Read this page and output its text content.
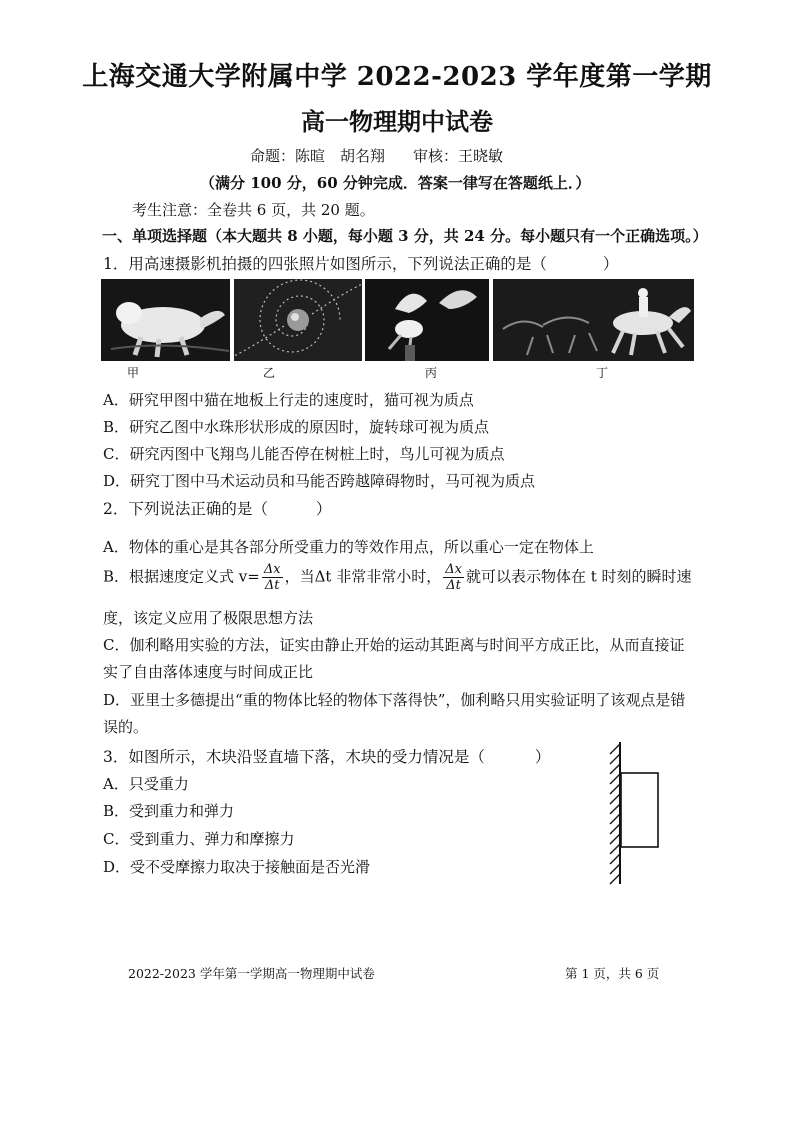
上海交通大学附属中学 2022-2023 学年度第一学期
高一物理期中试卷
命题：陈暄　胡名翔 审核：王晓敏
（满分 100 分，60 分钟完成．答案一律写在答题纸上．）
考生注意：全卷共 6 页，共 20 题。
一、单项选择题（本大题共 8 小题，每小题 3 分，共 24 分。每小题只有一个正确选项。）
1．用高速摄影机拍摄的四张照片如图所示，下列说法正确的是（	）
甲	乙	丙	丁
A．研究甲图中猫在地板上行走的速度时，猫可视为质点
B．研究乙图中水珠形状形成的原因时，旋转球可视为质点
C．研究丙图中飞翔鸟儿能否停在树桩上时，鸟儿可视为质点
D．研究丁图中马术运动员和马能否跨越障碍物时，马可视为质点
2．下列说法正确的是（	）
A．物体的重心是其各部分所受重力的等效作用点，所以重心一定在物体上
B．根据速度定义式 $v= \frac{\Delta x}{\Delta t}$ ，当Δt 非常非常小时， $\frac{\Delta x}{\Delta t}$ 就可以表示物体在 t 时刻的瞬时速
度，该定义应用了极限思想方法
C．伽利略用实验的方法，证实由静止开始的运动其距离与时间平方成正比，从而直接证
实了自由落体速度与时间成正比
D．亚里士多德提出“重的物体比轻的物体下落得快”，伽利略只用实验证明了该观点是错
误的。
3．如图所示，木块沿竖直墙下落，木块的受力情况是（	）
A．只受重力
B．受到重力和弹力
C．受到重力、弹力和摩擦力
D．受不受摩擦力取决于接触面是否光滑
2022-2023 学年第一学期高一物理期中试卷	第 1 页，共 6 页
